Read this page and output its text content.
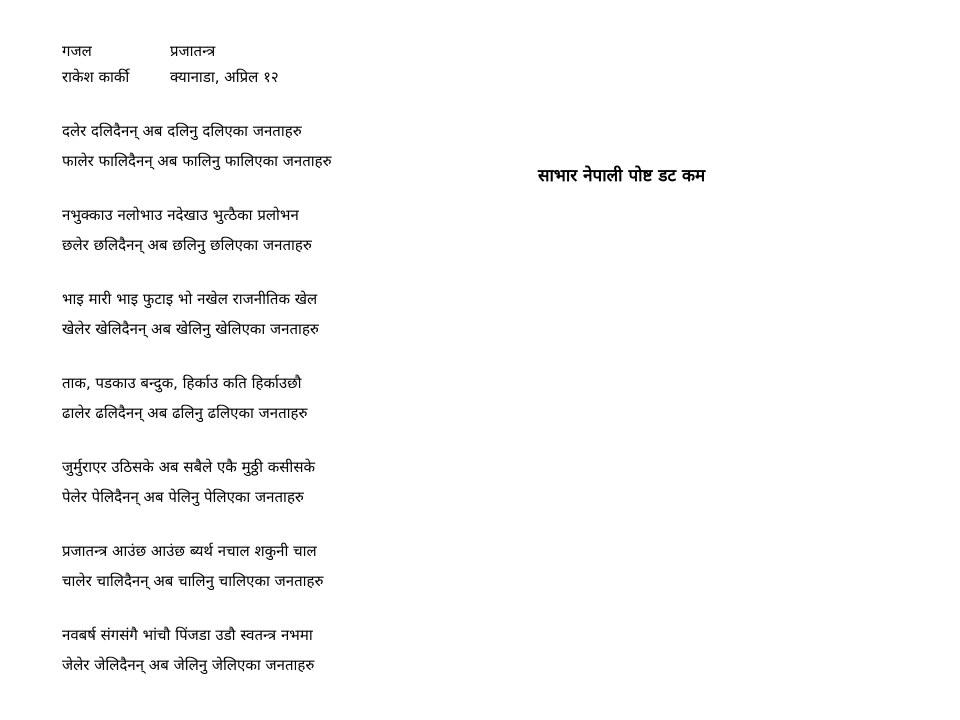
गजल	प्रजातन्त्र
राकेश कार्की	क्यानाडा, अप्रिल १२
दलेर दलिदैनन् अब दलिनु दलिएका जनताहरु
फालेर फालिदैनन् अब फालिनु फालिएका जनताहरु
नभुक्काउ नलोभाउ नदेखाउ भुत्ठैका प्रलोभन
छलेर छलिदैनन् अब छलिनु छलिएका जनताहरु
भाइ मारी भाइ फुटाइ भो नखेल राजनीतिक खेल
खेलेर खेलिदैनन् अब खेलिनु खेलिएका जनताहरु
ताक, पडकाउ बन्दुक, हिर्काउ कति हिर्काउछौ
ढालेर ढलिदैनन् अब ढलिनु ढलिएका जनताहरु
जुर्मुराएर उठिसके अब सबैले एकै मुठ्ठी कसीसके
पेलेर पेलिदैनन् अब पेलिनु पेलिएका जनताहरु
प्रजातन्त्र आउंछ आउंछ ब्यर्थ नचाल शकुनी चाल
चालेर चालिदैनन् अब चालिनु चालिएका जनताहरु
नवबर्ष संगसंगै भांचौ पिंजडा उडौ स्वतन्त्र नभमा
जेलेर जेलिदैनन् अब जेलिनु जेलिएका जनताहरु
साभार नेपाली पोष्ट डट कम
